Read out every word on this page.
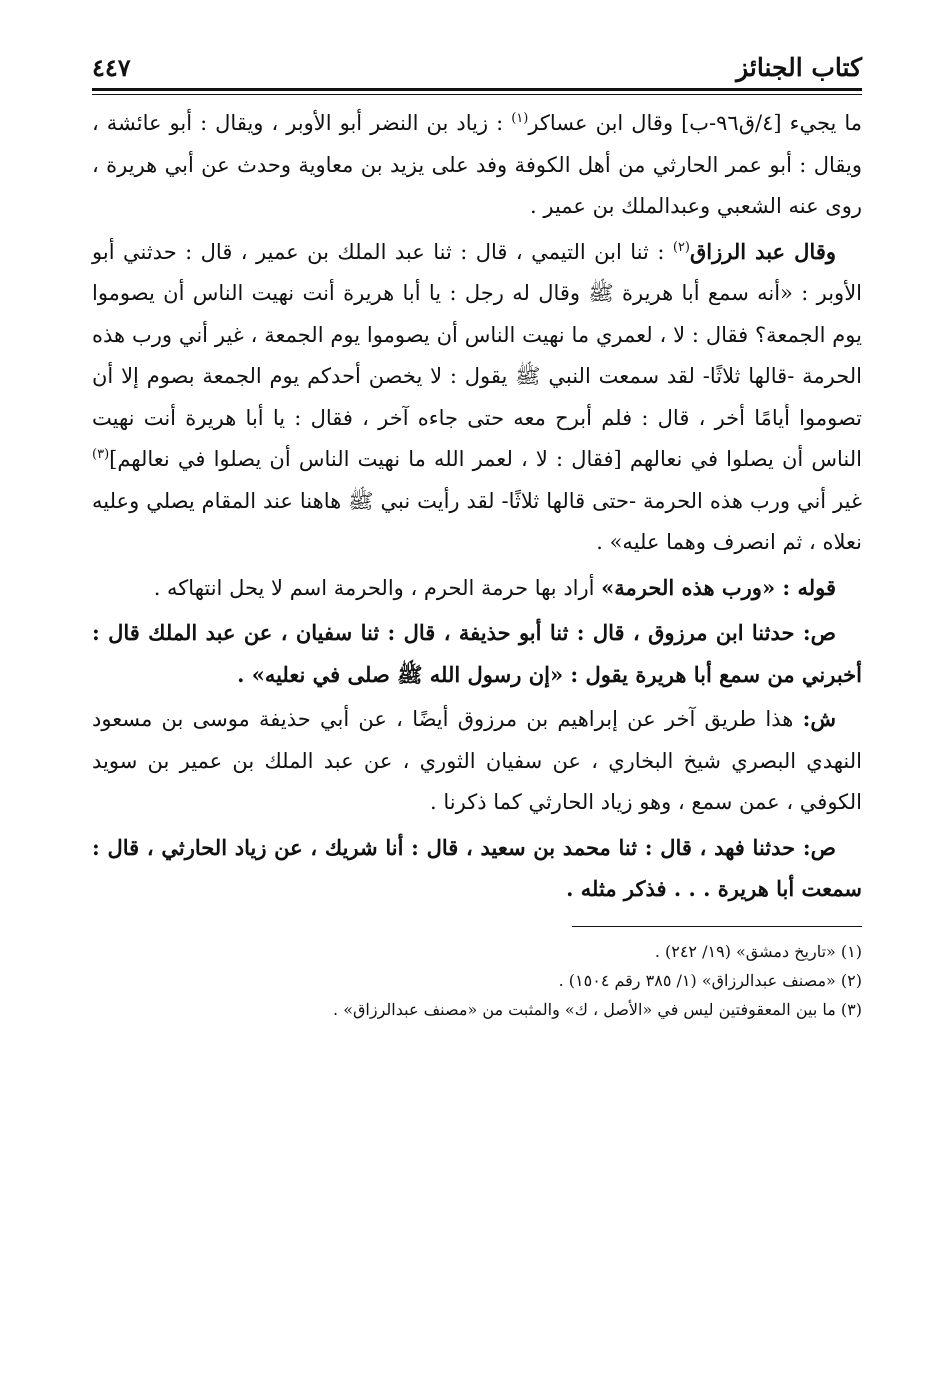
كتاب الجنائز
٤٤٧

ما يجيء [٤/ق٩٦-ب] وقال ابن عساكر$^{(١)}$ : زياد بن النضر أبو الأوبر ، ويقال : أبو عائشة ، ويقال : أبو عمر الحارثي من أهل الكوفة وفد على يزيد بن معاوية وحدث عن أبي هريرة ، روى عنه الشعبي وعبدالملك بن عمير .

وقال عبد الرزاق$^{(٢)}$ : ثنا ابن التيمي ، قال : ثنا عبد الملك بن عمير ، قال : حدثني أبو الأوبر : «أنه سمع أبا هريرة ﷺ وقال له رجل : يا أبا هريرة أنت نهيت الناس أن يصوموا يوم الجمعة؟ فقال : لا ، لعمري ما نهيت الناس أن يصوموا يوم الجمعة ، غير أني ورب هذه الحرمة -قالها ثلاثًا- لقد سمعت النبي ﷺ يقول : لا يخصن أحدكم يوم الجمعة بصوم إلا أن تصوموا أيامًا أخر ، قال : فلم أبرح معه حتى جاءه آخر ، فقال : يا أبا هريرة أنت نهيت الناس أن يصلوا في نعالهم [فقال : لا ، لعمر الله ما نهيت الناس أن يصلوا في نعالهم]$^{(٣)}$ غير أني ورب هذه الحرمة -حتى قالها ثلاثًا- لقد رأيت نبي ﷺ هاهنا عند المقام يصلي وعليه نعلاه ، ثم انصرف وهما عليه» .

قوله : «ورب هذه الحرمة» أراد بها حرمة الحرم ، والحرمة اسم لا يحل انتهاكه .

ص: حدثنا ابن مرزوق ، قال : ثنا أبو حذيفة ، قال : ثنا سفيان ، عن عبد الملك قال : أخبرني من سمع أبا هريرة يقول : «إن رسول الله ﷺ صلى في نعليه» .

ش: هذا طريق آخر عن إبراهيم بن مرزوق أيضًا ، عن أبي حذيفة موسى بن مسعود النهدي البصري شيخ البخاري ، عن سفيان الثوري ، عن عبد الملك بن عمير بن سويد الكوفي ، عمن سمع ، وهو زياد الحارثي كما ذكرنا .

ص: حدثنا فهد ، قال : ثنا محمد بن سعيد ، قال : أنا شريك ، عن زياد الحارثي ، قال : سمعت أبا هريرة . . . فذكر مثله .

(١) «تاريخ دمشق» (١٩/ ٢٤٢) .
(٢) «مصنف عبدالرزاق» (١/ ٣٨٥ رقم ١٥٠٤) .
(٣) ما بين المعقوفتين ليس في «الأصل ، ك» والمثبت من «مصنف عبدالرزاق» .
